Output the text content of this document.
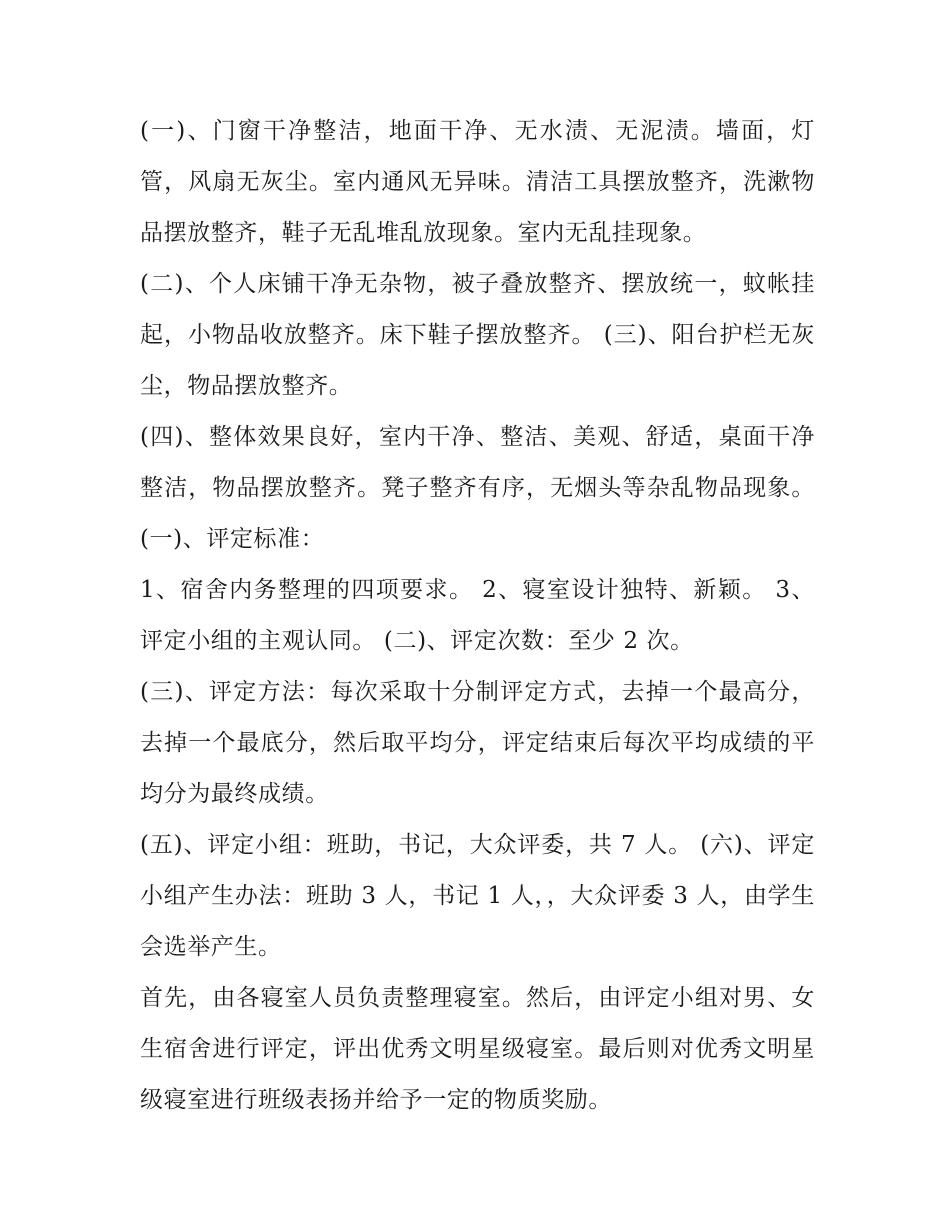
(一)、门窗干净整洁，地面干净、无水渍、无泥渍。墙面，灯管，风扇无灰尘。室内通风无异味。清洁工具摆放整齐，洗漱物品摆放整齐，鞋子无乱堆乱放现象。室内无乱挂现象。

(二)、个人床铺干净无杂物，被子叠放整齐、摆放统一，蚊帐挂起，小物品收放整齐。床下鞋子摆放整齐。 (三)、阳台护栏无灰尘，物品摆放整齐。

(四)、整体效果良好，室内干净、整洁、美观、舒适，桌面干净整洁，物品摆放整齐。凳子整齐有序，无烟头等杂乱物品现象。 (一)、评定标准：

1、宿舍内务整理的四项要求。 2、寝室设计独特、新颖。 3、评定小组的主观认同。 (二)、评定次数：至少 2 次。

(三)、评定方法：每次采取十分制评定方式，去掉一个最高分，去掉一个最底分，然后取平均分，评定结束后每次平均成绩的平均分为最终成绩。

(五)、评定小组：班助，书记，大众评委，共 7 人。 (六)、评定小组产生办法：班助 3 人，书记 1 人，，大众评委 3 人，由学生会选举产生。

首先，由各寝室人员负责整理寝室。然后，由评定小组对男、女生宿舍进行评定，评出优秀文明星级寝室。最后则对优秀文明星级寝室进行班级表扬并给予一定的物质奖励。
